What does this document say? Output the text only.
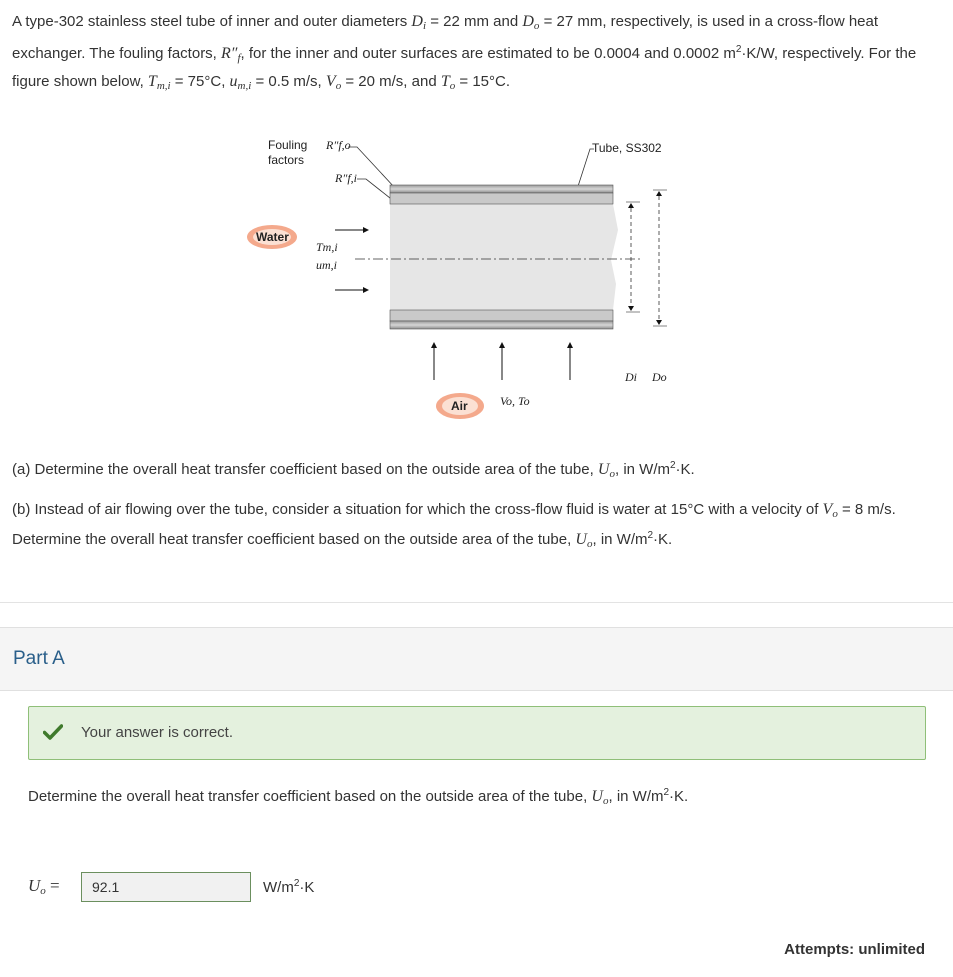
A type-302 stainless steel tube of inner and outer diameters $D_i = 22$ mm and $D_o = 27$ mm, respectively, is used in a cross-flow heat exchanger. The fouling factors, $R''_f$, for the inner and outer surfaces are estimated to be 0.0004 and 0.0002 $m^2\cdot K/W$, respectively. For the figure shown below, $T_{m,i} = 75^\circ C$, $u_{m,i} = 0.5$ m/s, $V_o = 20$ m/s, and $T_o = 15^\circ C$.
Fouling
factors
R″f,o
R″f,i
Tube, SS302
Water
Tm,i
um,i
Air	Vo, To
Di Do
(a) Determine the overall heat transfer coefficient based on the outside area of the tube, $U_o$, in $W/m^2\cdot K$.
(b) Instead of air flowing over the tube, consider a situation for which the cross-flow fluid is water at 15°C with a velocity of $V_o = 8$ m/s. Determine the overall heat transfer coefficient based on the outside area of the tube, $U_o$, in $W/m^2\cdot K$.
Part A
Your answer is correct.
Determine the overall heat transfer coefficient based on the outside area of the tube, $U_o$, in $W/m^2\cdot K$.
$U_o$ =	92.1	$W/m^2\cdot K$
Attempts: unlimited
